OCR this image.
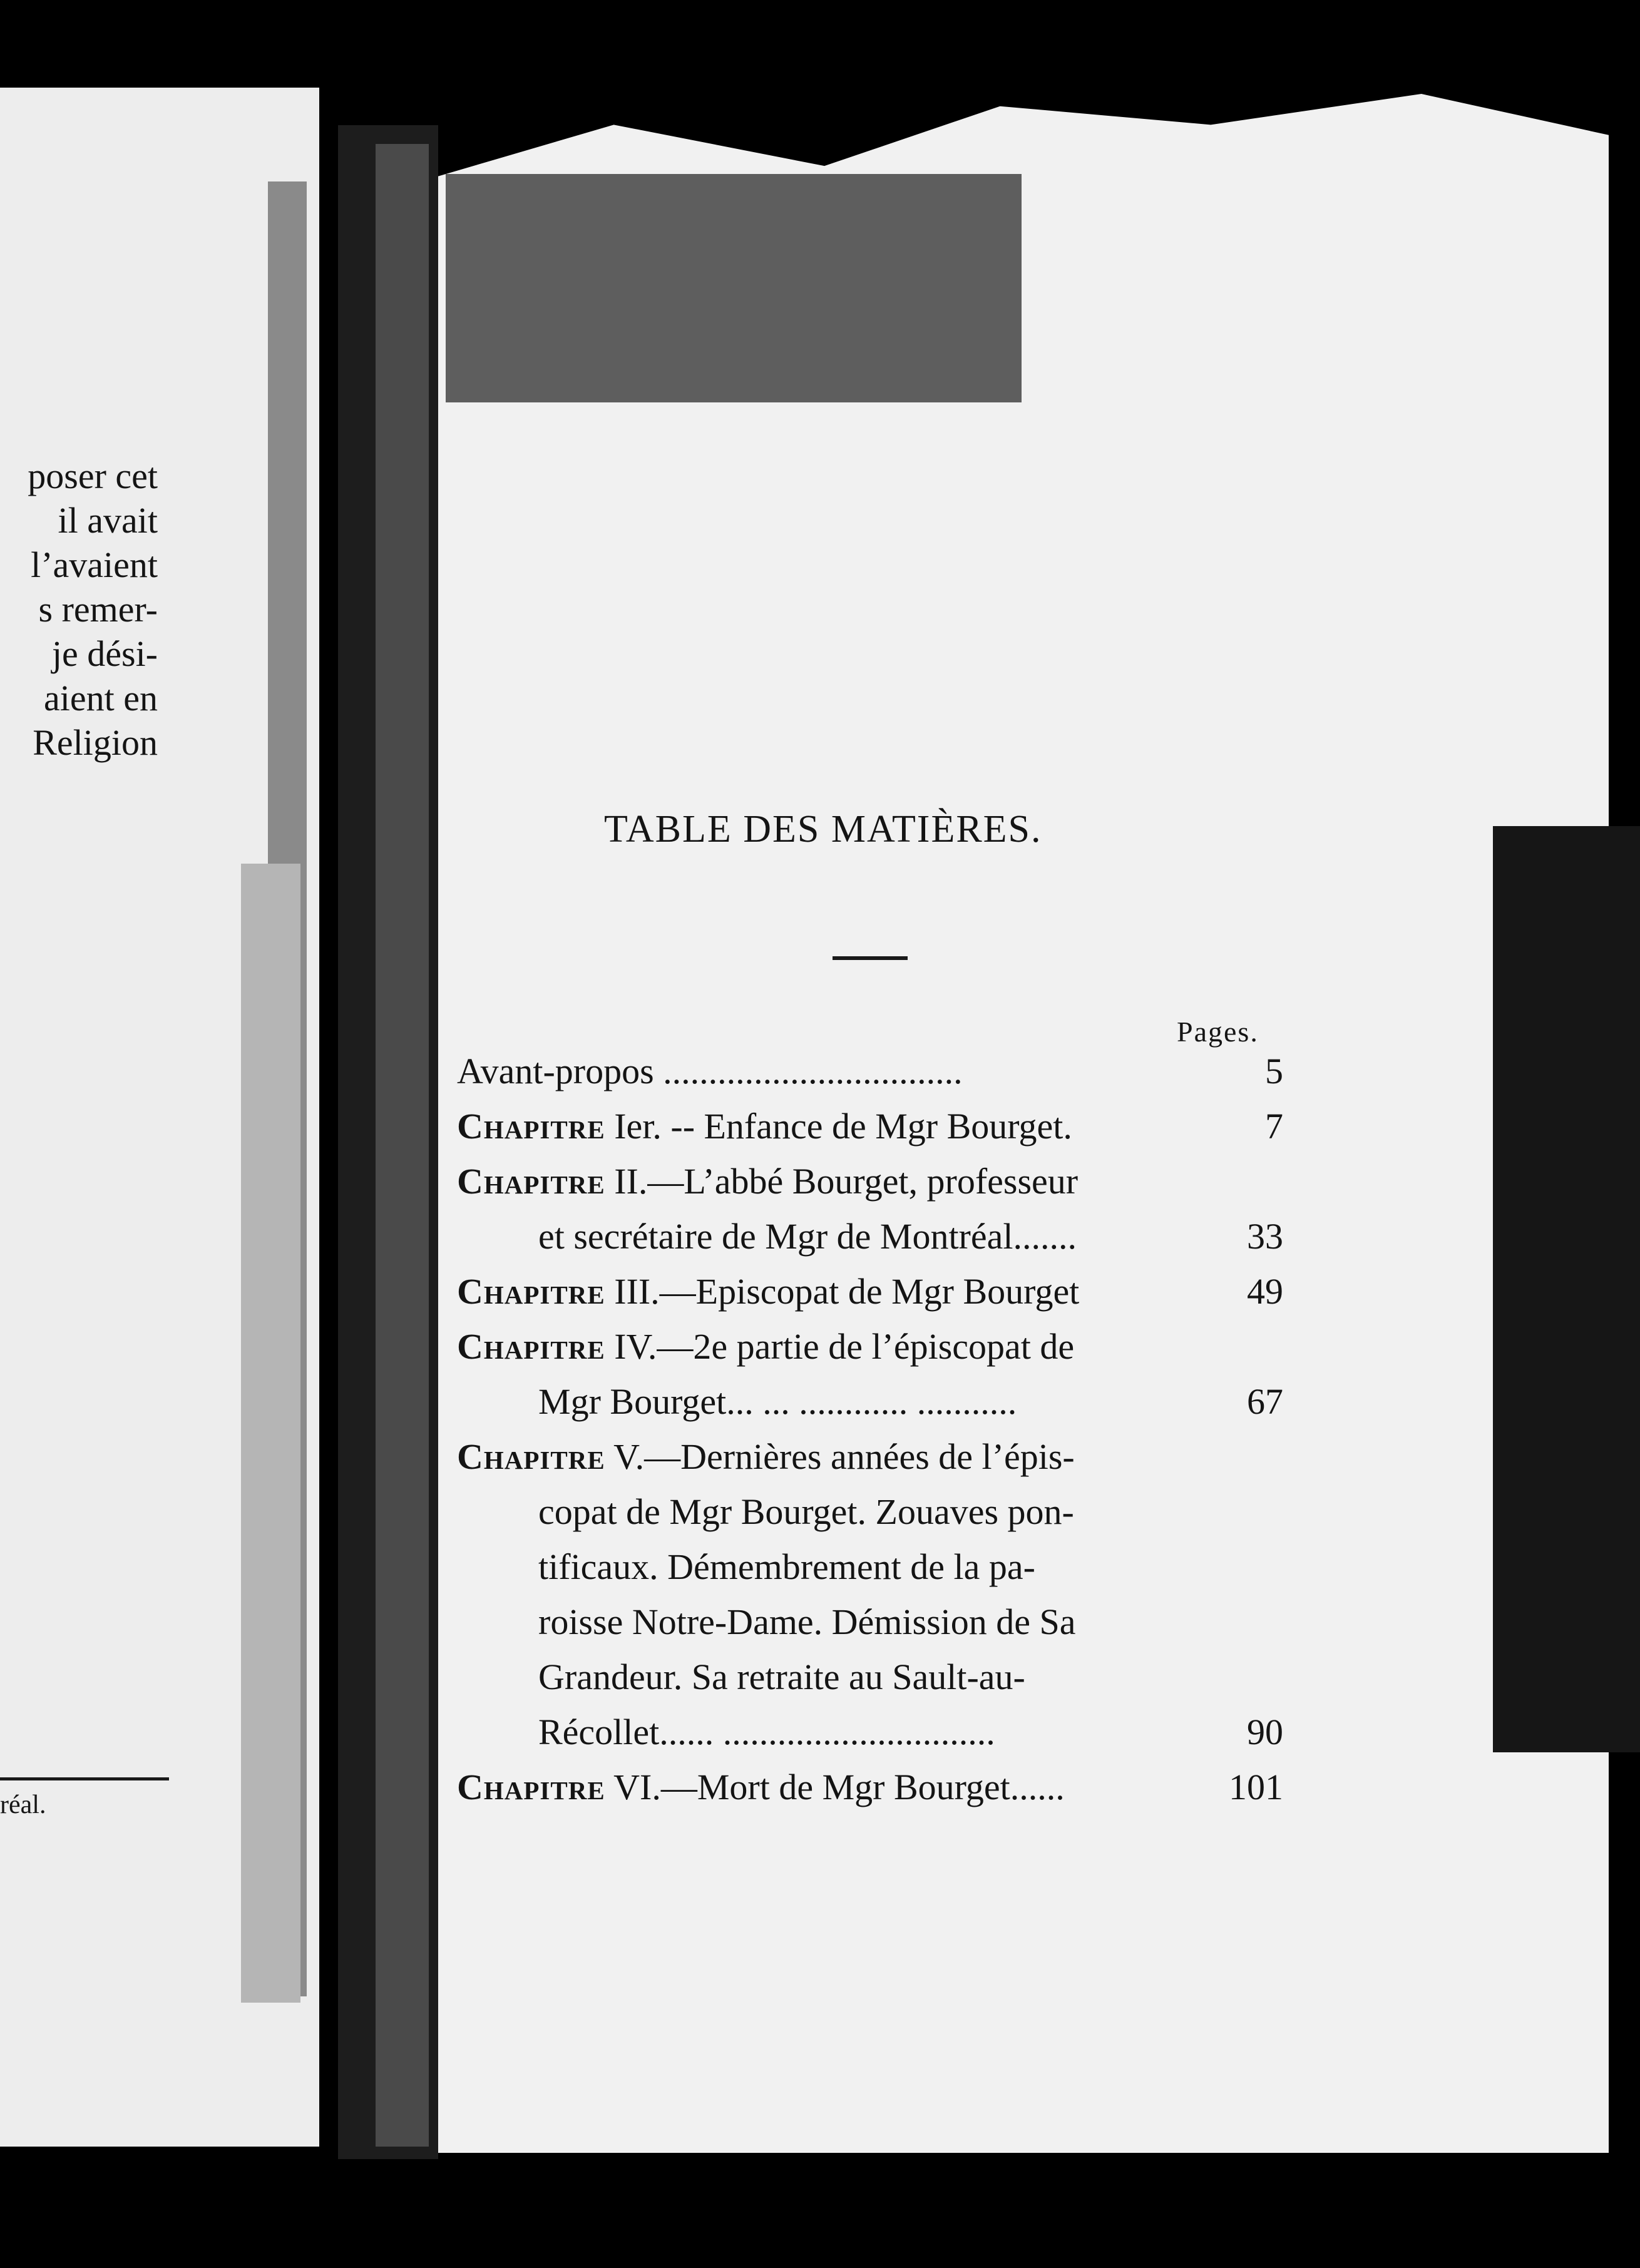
poser cet
il avait
l’avaient
s remer-
je dési-
aient en
Religion
réal.
TABLE DES MATIÈRES.
Pages.
Avant-propos .................................	5
Chapitre Ier. -- Enfance de Mgr Bourget.	7
Chapitre II.—L’abbé Bourget, professeur
et secrétaire de Mgr de Montréal.......	33
Chapitre III.—Episcopat de Mgr Bourget	49
Chapitre IV.—2e partie de l’épiscopat de
Mgr Bourget... ... ............ ...........	67
Chapitre V.—Dernières années de l’épis-
copat de Mgr Bourget. Zouaves pon-
tificaux. Démembrement de la pa-
roisse Notre-Dame. Démission de Sa
Grandeur. Sa retraite au Sault-au-
Récollet...... ..............................	90
Chapitre VI.—Mort de Mgr Bourget......	101
